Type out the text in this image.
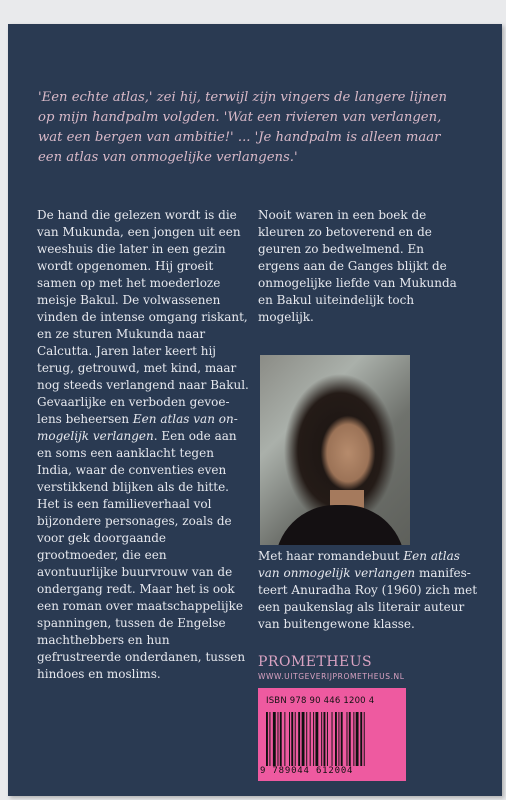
'Een echte atlas,' zei hij, terwijl zijn vingers de langere lijnen
op mijn handpalm volgden. 'Wat een rivieren van verlangen,
wat een bergen van ambitie!' ... 'Je handpalm is alleen maar
een atlas van onmogelijke verlangens.'
De hand die gelezen wordt is die van Mukunda, een jongen uit een weeshuis die later in een gezin wordt opgenomen. Hij groeit samen op met het moederloze meisje Bakul. De volwassenen vinden de intense omgang riskant, en ze sturen Mukunda naar Calcutta. Jaren later keert hij terug, getrouwd, met kind, maar nog steeds verlangend naar Bakul. Gevaarlijke en verboden gevoelens beheersen Een atlas van onmogelijk verlangen. Een ode aan en soms een aanklacht tegen India, waar de conventies even verstikkend blijken als de hitte. Het is een familieverhaal vol bijzondere personages, zoals de voor gek doorgaande grootmoeder, die een avontuurlijke buurvrouw van de ondergang redt. Maar het is ook een roman over maatschappelijke spanningen, tussen de Engelse machthebbers en hun gefrustreerde onderdanen, tussen hindoes en moslims.
Nooit waren in een boek de kleuren zo betoverend en de geuren zo bedwelmend. En ergens aan de Ganges blijkt de onmogelijke liefde van Mukunda en Bakul uiteindelijk toch mogelijk.
Met haar romandebuut Een atlas van onmogelijk verlangen manifesteert Anuradha Roy (1960) zich met een paukenslag als literair auteur van buitengewone klasse.
PROMETHEUS
WWW.UITGEVERIJPROMETHEUS.NL
ISBN 978 90 446 1200 4
9 789044 612004
